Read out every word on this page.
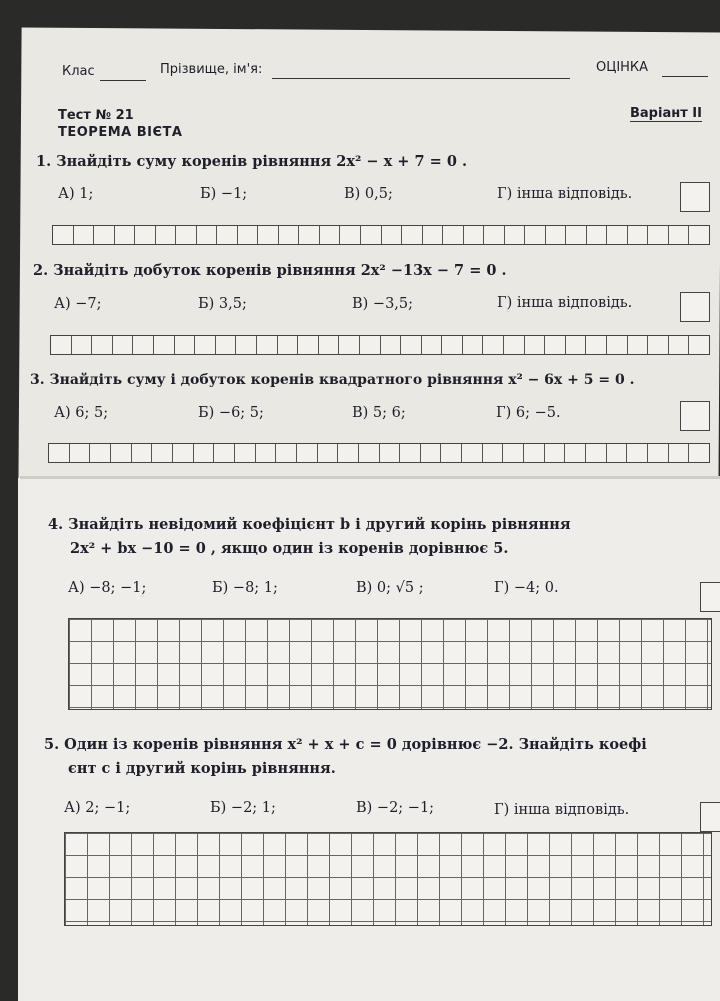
Клас	Прізвище, ім'я:	ОЦІНКА
Тест № 21	Варіант II
ТЕОРЕМА ВІЄТА
1. Знайдіть суму коренів рівняння 2x² − x + 7 = 0 .
А) 1;	Б) −1;	В) 0,5;	Г) інша відповідь.
2. Знайдіть добуток коренів рівняння 2x² −13x − 7 = 0 .
А) −7;	Б) 3,5;	В) −3,5;	Г) інша відповідь.
3. Знайдіть суму і добуток коренів квадратного рівняння x² − 6x + 5 = 0 .
А) 6; 5;	Б) −6; 5;	В) 5; 6;	Г) 6; −5.
4. Знайдіть невідомий коефіцієнт b і другий корінь рівняння
2x² + bx −10 = 0 , якщо один із коренів дорівнює 5.
А) −8; −1;	Б) −8; 1;	В) 0; √5 ;	Г) −4; 0.
5. Один із коренів рівняння x² + x + c = 0 дорівнює −2. Знайдіть коефі
єнт c і другий корінь рівняння.
А) 2; −1;	Б) −2; 1;	В) −2; −1;	Г) інша відповідь.
